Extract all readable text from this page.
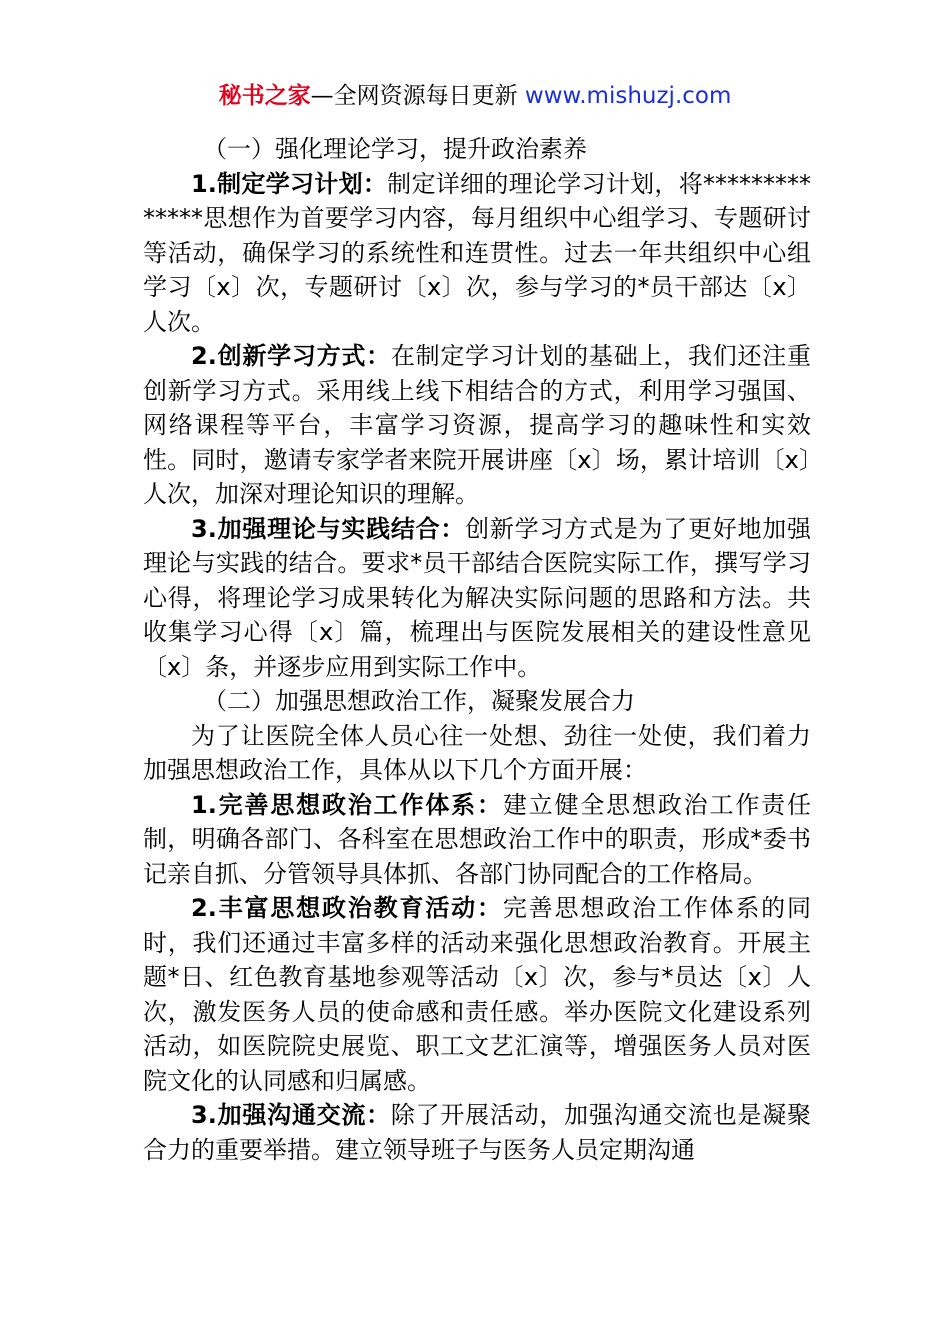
秘书之家—全网资源每日更新 www.mishuzj.com

（一）强化理论学习，提升政治素养

1.制定学习计划：制定详细的理论学习计划，将**************思想作为首要学习内容，每月组织中心组学习、专题研讨等活动，确保学习的系统性和连贯性。过去一年共组织中心组学习〔x〕次，专题研讨〔x〕次，参与学习的*员干部达〔x〕人次。

2.创新学习方式：在制定学习计划的基础上，我们还注重创新学习方式。采用线上线下相结合的方式，利用学习强国、网络课程等平台，丰富学习资源，提高学习的趣味性和实效性。同时，邀请专家学者来院开展讲座〔x〕场，累计培训〔x〕人次，加深对理论知识的理解。

3.加强理论与实践结合：创新学习方式是为了更好地加强理论与实践的结合。要求*员干部结合医院实际工作，撰写学习心得，将理论学习成果转化为解决实际问题的思路和方法。共收集学习心得〔x〕篇，梳理出与医院发展相关的建设性意见〔x〕条，并逐步应用到实际工作中。

（二）加强思想政治工作，凝聚发展合力

为了让医院全体人员心往一处想、劲往一处使，我们着力加强思想政治工作，具体从以下几个方面开展：

1.完善思想政治工作体系：建立健全思想政治工作责任制，明确各部门、各科室在思想政治工作中的职责，形成*委书记亲自抓、分管领导具体抓、各部门协同配合的工作格局。

2.丰富思想政治教育活动：完善思想政治工作体系的同时，我们还通过丰富多样的活动来强化思想政治教育。开展主题*日、红色教育基地参观等活动〔x〕次，参与*员达〔x〕人次，激发医务人员的使命感和责任感。举办医院文化建设系列活动，如医院院史展览、职工文艺汇演等，增强医务人员对医院文化的认同感和归属感。

3.加强沟通交流：除了开展活动，加强沟通交流也是凝聚合力的重要举措。建立领导班子与医务人员定期沟通
